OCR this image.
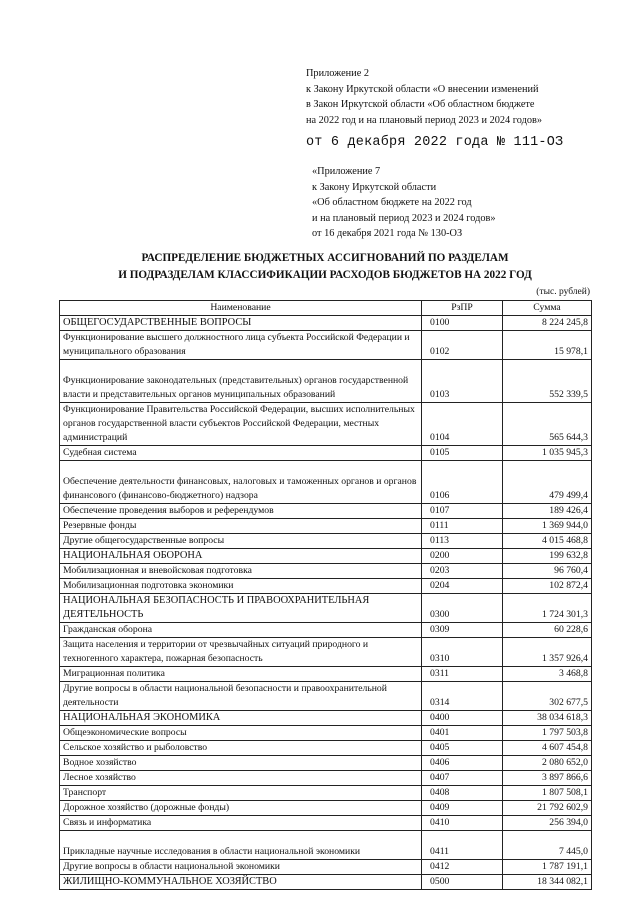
Приложение 2
к Закону Иркутской области «О внесении изменений
в Закон Иркутской области «Об областном бюджете
на 2022 год и на плановый период 2023 и 2024 годов»
от 6 декабря 2022 года № 111-ОЗ
«Приложение 7
к Закону Иркутской области
«Об областном бюджете на 2022 год
и на плановый период 2023 и 2024 годов»
от 16 декабря 2021 года № 130-ОЗ
РАСПРЕДЕЛЕНИЕ БЮДЖЕТНЫХ АССИГНОВАНИЙ ПО РАЗДЕЛАМ
И ПОДРАЗДЕЛАМ КЛАССИФИКАЦИИ РАСХОДОВ БЮДЖЕТОВ НА 2022 ГОД
(тыс. рублей)
Наименование	РзПР	Сумма
ОБЩЕГОСУДАРСТВЕННЫЕ ВОПРОСЫ	0100	8 224 245,8
Функционирование высшего должностного лица субъекта Российской Федерации и муниципального образования	0102	15 978,1
Функционирование законодательных (представительных) органов государственной власти и представительных органов муниципальных образований	0103	552 339,5
Функционирование Правительства Российской Федерации, высших исполнительных органов государственной власти субъектов Российской Федерации, местных администраций	0104	565 644,3
Судебная система	0105	1 035 945,3
Обеспечение деятельности финансовых, налоговых и таможенных органов и органов финансового (финансово-бюджетного) надзора	0106	479 499,4
Обеспечение проведения выборов и референдумов	0107	189 426,4
Резервные фонды	0111	1 369 944,0
Другие общегосударственные вопросы	0113	4 015 468,8
НАЦИОНАЛЬНАЯ ОБОРОНА	0200	199 632,8
Мобилизационная и вневойсковая подготовка	0203	96 760,4
Мобилизационная подготовка экономики	0204	102 872,4
НАЦИОНАЛЬНАЯ БЕЗОПАСНОСТЬ И ПРАВООХРАНИТЕЛЬНАЯ ДЕЯТЕЛЬНОСТЬ	0300	1 724 301,3
Гражданская оборона	0309	60 228,6
Защита населения и территории от чрезвычайных ситуаций природного и техногенного характера, пожарная безопасность	0310	1 357 926,4
Миграционная политика	0311	3 468,8
Другие вопросы в области национальной безопасности и правоохранительной деятельности	0314	302 677,5
НАЦИОНАЛЬНАЯ ЭКОНОМИКА	0400	38 034 618,3
Общеэкономические вопросы	0401	1 797 503,8
Сельское хозяйство и рыболовство	0405	4 607 454,8
Водное хозяйство	0406	2 080 652,0
Лесное хозяйство	0407	3 897 866,6
Транспорт	0408	1 807 508,1
Дорожное хозяйство (дорожные фонды)	0409	21 792 602,9
Связь и информатика	0410	256 394,0
Прикладные научные исследования в области национальной экономики	0411	7 445,0
Другие вопросы в области национальной экономики	0412	1 787 191,1
ЖИЛИЩНО-КОММУНАЛЬНОЕ ХОЗЯЙСТВО	0500	18 344 082,1
